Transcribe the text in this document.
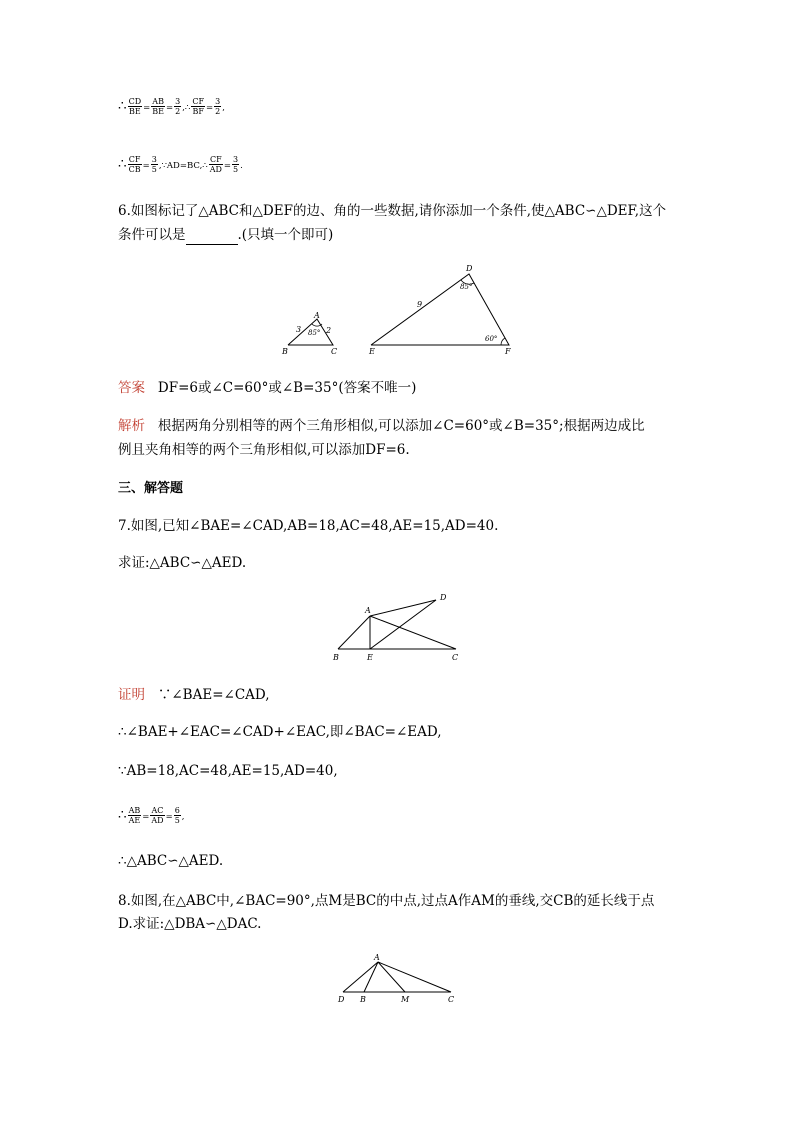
∴ $\frac{CD}{BE} = \frac{AB}{BE} = \frac{3}{2}$ ,∴ $\frac{CF}{BF} = \frac{3}{2}$ ,
∴ $\frac{CF}{CB} = \frac{3}{5}$ ,∵AD=BC,∴ $\frac{CF}{AD} = \frac{3}{5}$ .
6.如图标记了△ABC和△DEF的边、角的一些数据,请你添加一个条件,使△ABC∽△DEF,这个
条件可以是	.(只填一个即可)
A
B	C
3	2
85°
D
E	F
9
85°
60°
答案 DF=6或∠C=60°或∠B=35°(答案不唯一)
解析 根据两角分别相等的两个三角形相似,可以添加∠C=60°或∠B=35°;根据两边成比
例且夹角相等的两个三角形相似,可以添加DF=6.
三、解答题
7.如图,已知∠BAE=∠CAD,AB=18,AC=48,AE=15,AD=40.
求证:△ABC∽△AED.
A
D
B	E	C
证明 ∵∠BAE=∠CAD,
∴∠BAE+∠EAC=∠CAD+∠EAC,即∠BAC=∠EAD,
∵AB=18,AC=48,AE=15,AD=40,
∴ $\frac{AB}{AE} = \frac{AC}{AD} = \frac{6}{5}$ ,
∴△ABC∽△AED.
8.如图,在△ABC中,∠BAC=90°,点M是BC的中点,过点A作AM的垂线,交CB的延长线于点
D.求证:△DBA∽△DAC.
A
D B	M	C
